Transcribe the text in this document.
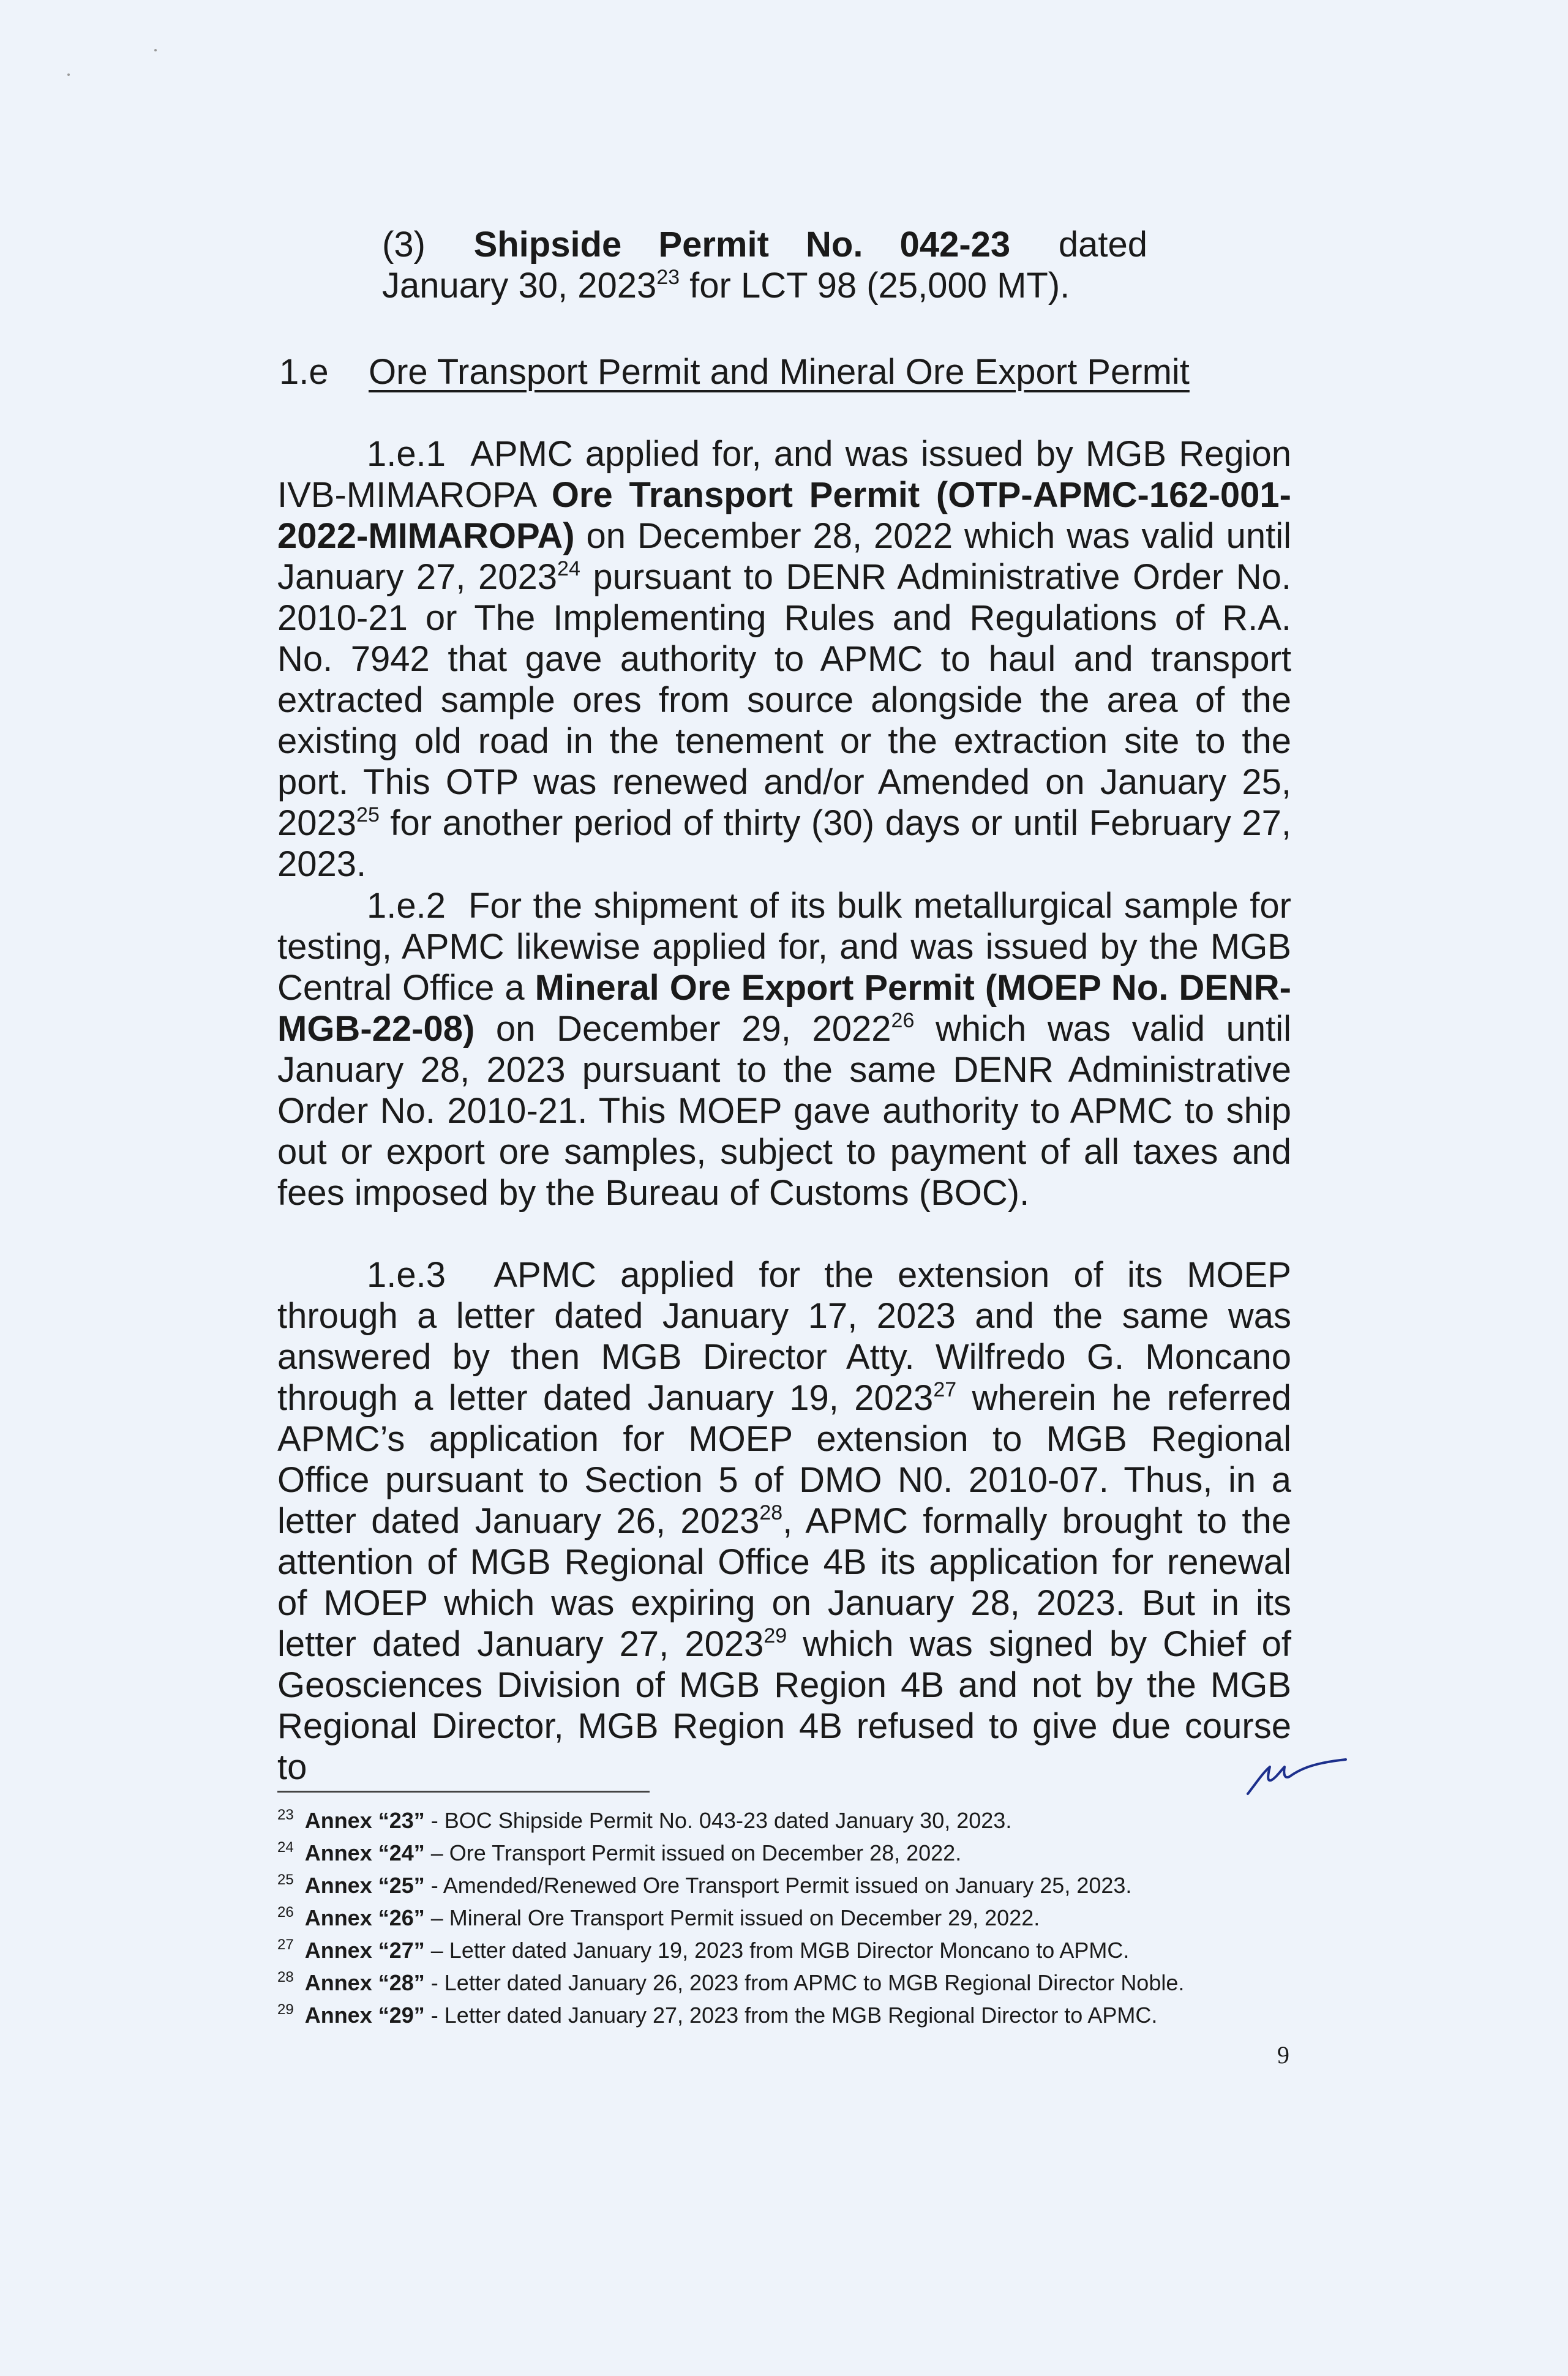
(3) Shipside Permit No. 042-23 dated
January 30, 2023$^{23}$ for LCT 98 (25,000 MT).
1.e Ore Transport Permit and Mineral Ore Export Permit

1.e.1 APMC applied for, and was issued by MGB Region IVB-MIMAROPA Ore Transport Permit (OTP-APMC-162-001-2022-MIMAROPA) on December 28, 2022 which was valid until January 27, 2023$^{24}$ pursuant to DENR Administrative Order No. 2010-21 or The Implementing Rules and Regulations of R.A. No. 7942 that gave authority to APMC to haul and transport extracted sample ores from source alongside the area of the existing old road in the tenement or the extraction site to the port. This OTP was renewed and/or Amended on January 25, 2023$^{25}$ for another period of thirty (30) days or until February 27, 2023.

1.e.2 For the shipment of its bulk metallurgical sample for testing, APMC likewise applied for, and was issued by the MGB Central Office a Mineral Ore Export Permit (MOEP No. DENR-MGB-22-08) on December 29, 2022$^{26}$ which was valid until January 28, 2023 pursuant to the same DENR Administrative Order No. 2010-21. This MOEP gave authority to APMC to ship out or export ore samples, subject to payment of all taxes and fees imposed by the Bureau of Customs (BOC).

1.e.3 APMC applied for the extension of its MOEP through a letter dated January 17, 2023 and the same was answered by then MGB Director Atty. Wilfredo G. Moncano through a letter dated January 19, 2023$^{27}$ wherein he referred APMC’s application for MOEP extension to MGB Regional Office pursuant to Section 5 of DMO N0. 2010-07. Thus, in a letter dated January 26, 2023$^{28}$, APMC formally brought to the attention of MGB Regional Office 4B its application for renewal of MOEP which was expiring on January 28, 2023. But in its letter dated January 27, 2023$^{29}$ which was signed by Chief of Geosciences Division of MGB Region 4B and not by the MGB Regional Director, MGB Region 4B refused to give due course to

$^{23}$ Annex “23” - BOC Shipside Permit No. 043-23 dated January 30, 2023.

$^{24}$ Annex “24” – Ore Transport Permit issued on December 28, 2022.

$^{25}$ Annex “25” - Amended/Renewed Ore Transport Permit issued on January 25, 2023.

$^{26}$ Annex “26” – Mineral Ore Transport Permit issued on December 29, 2022.

$^{27}$ Annex “27” – Letter dated January 19, 2023 from MGB Director Moncano to APMC.

$^{28}$ Annex “28” - Letter dated January 26, 2023 from APMC to MGB Regional Director Noble.

$^{29}$ Annex “29” - Letter dated January 27, 2023 from the MGB Regional Director to APMC.

9
